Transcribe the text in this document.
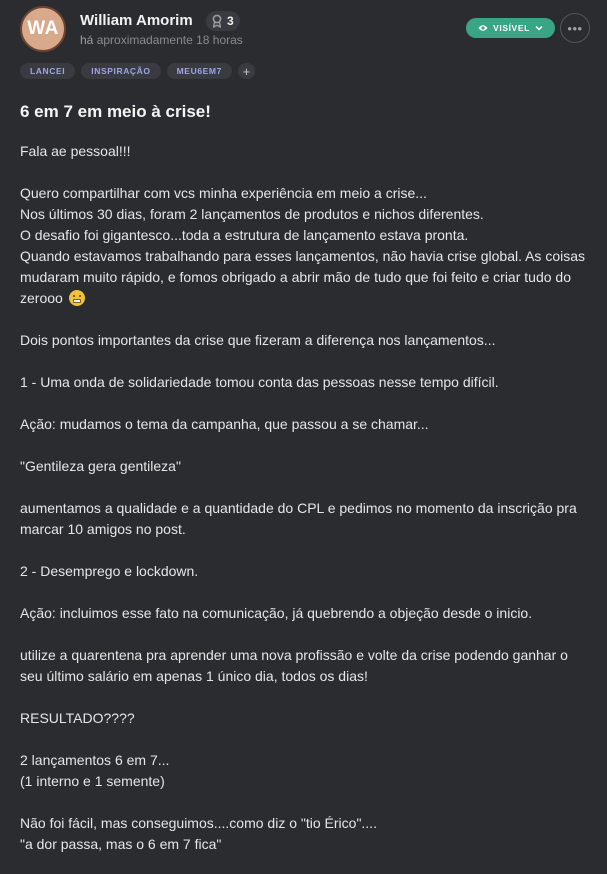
WA William Amorim	3
há aproximadamente 18 horas
VISÍVEL	•••
LANCEI	INSPIRAÇÃO	MEU6EM7	+
6 em 7 em meio à crise!

Fala ae pessoal!!!

Quero compartilhar com vcs minha experiência em meio a crise...
Nos últimos 30 dias, foram 2 lançamentos de produtos e nichos diferentes.
O desafio foi gigantesco...toda a estrutura de lançamento estava pronta.
Quando estavamos trabalhando para esses lançamentos, não havia crise global. As coisas mudaram muito rápido, e fomos obrigado a abrir mão de tudo que foi feito e criar tudo do zerooo

Dois pontos importantes da crise que fizeram a diferença nos lançamentos...

1 - Uma onda de solidariedade tomou conta das pessoas nesse tempo difícil.

Ação: mudamos o tema da campanha, que passou a se chamar...

"Gentileza gera gentileza"

aumentamos a qualidade e a quantidade do CPL e pedimos no momento da inscrição pra marcar 10 amigos no post.

2 - Desemprego e lockdown.

Ação: incluimos esse fato na comunicação, já quebrendo a objeção desde o inicio.

utilize a quarentena pra aprender uma nova profissão e volte da crise podendo ganhar o seu último salário em apenas 1 único dia, todos os dias!

RESULTADO????

2 lançamentos 6 em 7...
(1 interno e 1 semente)

Não foi fácil, mas conseguimos....como diz o "tio Érico"....
"a dor passa, mas o 6 em 7 fica"
